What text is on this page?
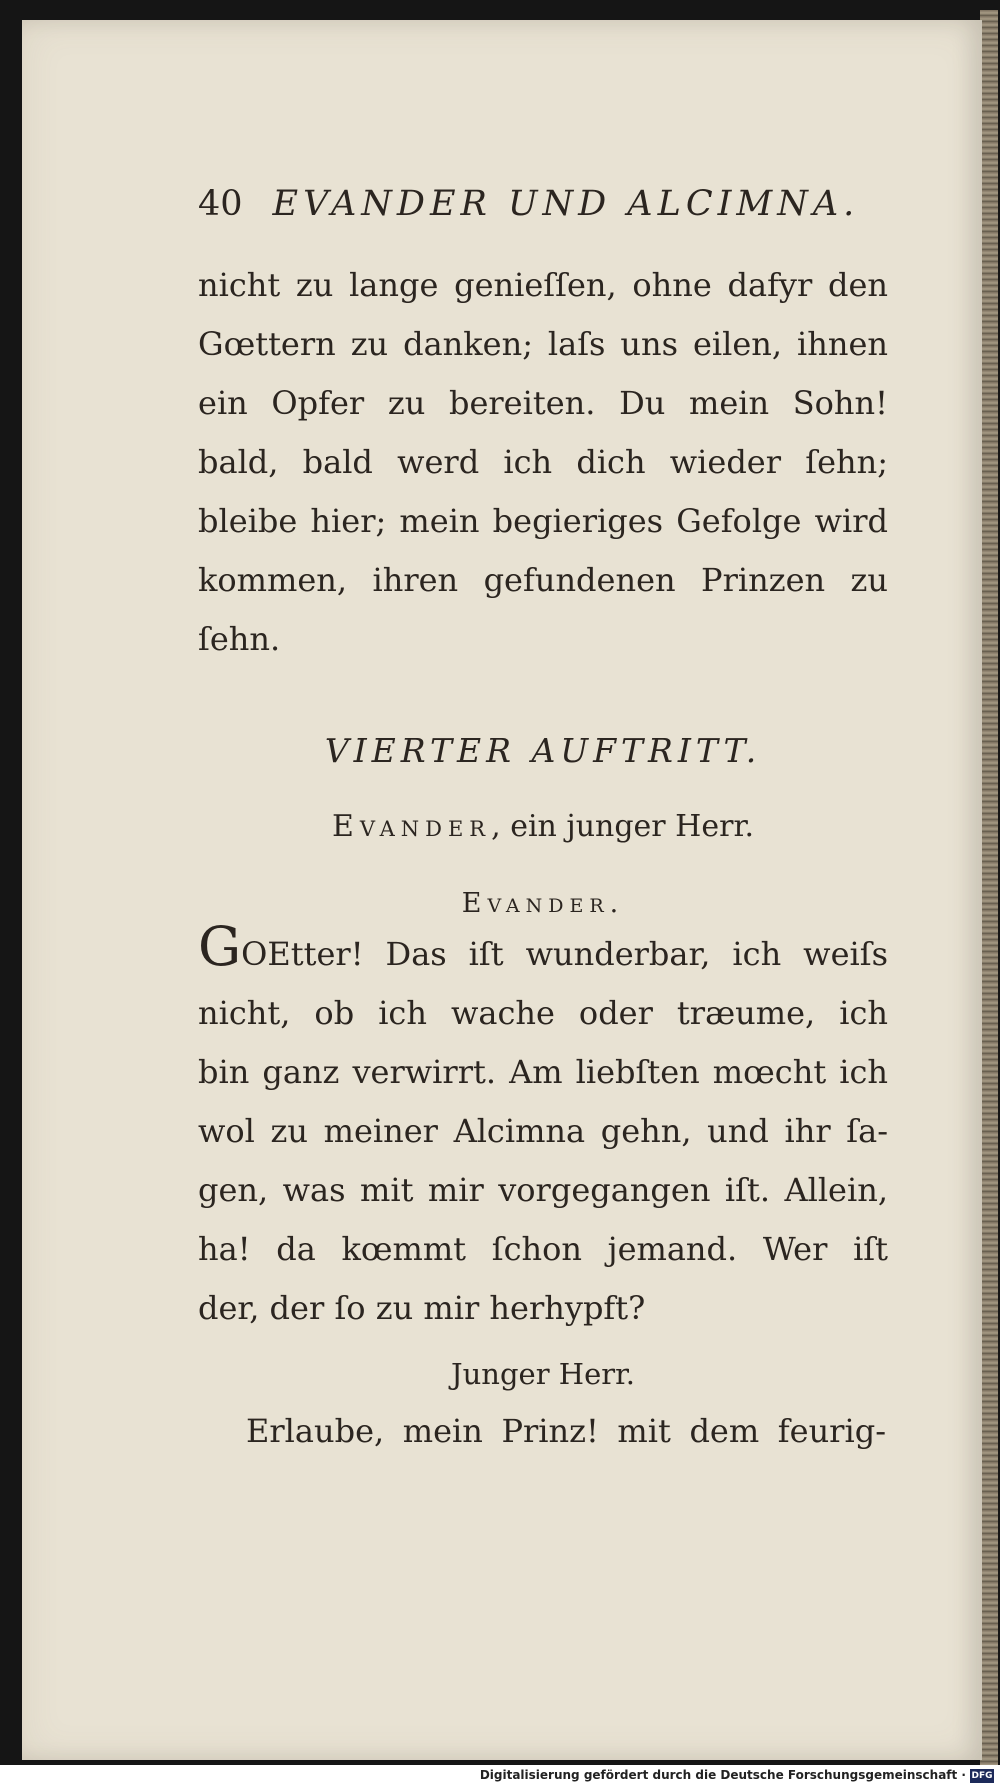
40 EVANDER UND ALCIMNA.
nicht zu lange genieſſen, ohne dafyr den
Gœttern zu danken; laſs uns eilen, ihnen
ein Opfer zu bereiten. Du mein Sohn!
bald, bald werd ich dich wieder ſehn;
bleibe hier; mein begieriges Gefolge wird
kommen, ihren gefundenen Prinzen zu
ſehn.
VIERTER AUFTRITT.
Evander, ein junger Herr.
Evander.
GOEtter! Das iſt wunderbar, ich weiſs
nicht, ob ich wache oder træume, ich
bin ganz verwirrt. Am liebſten mœcht ich
wol zu meiner Alcimna gehn, und ihr ſa-
gen, was mit mir vorgegangen iſt. Allein,
ha! da kœmmt ſchon jemand. Wer iſt
der, der ſo zu mir herhypft?
Junger Herr.
Erlaube, mein Prinz! mit dem feurig-
Digitalisierung gefördert durch die Deutsche Forschungsgemeinschaft · DFG
